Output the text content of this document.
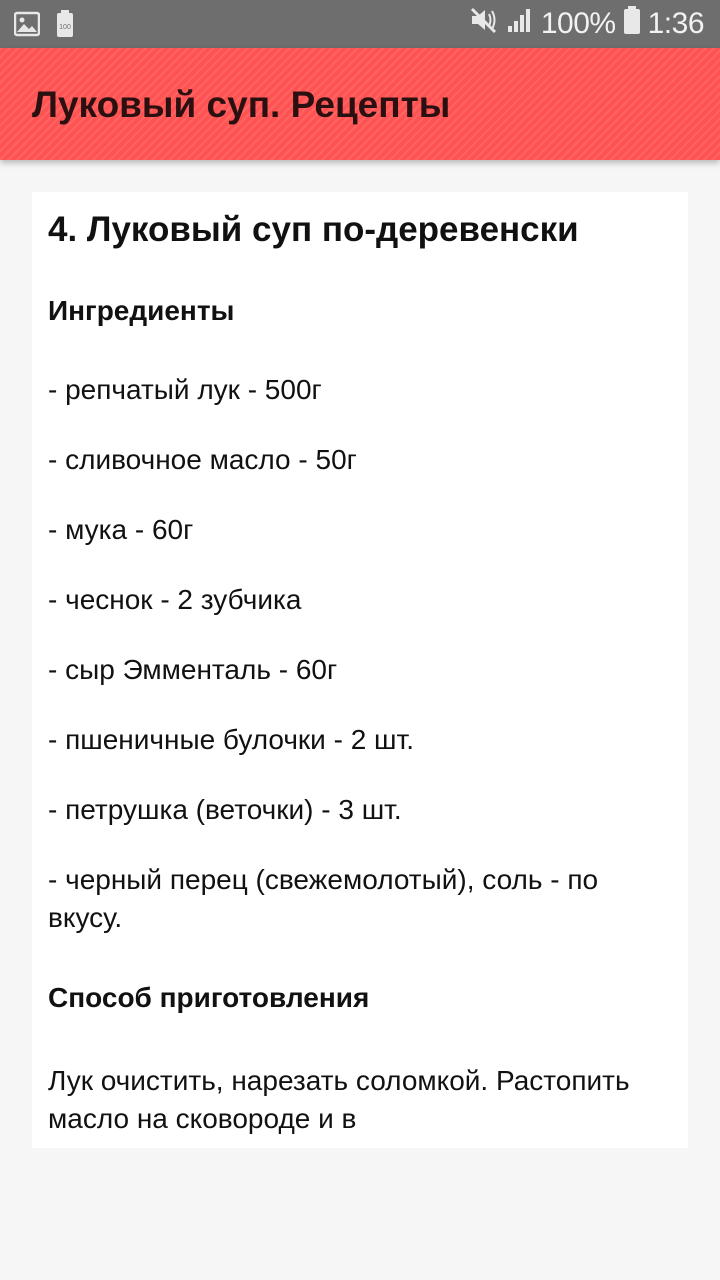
100	100% 1:36
Луковый суп. Рецепты
4. Луковый суп по-деревенски
Ингредиенты
- репчатый лук - 500г
- сливочное масло - 50г
- мука - 60г
- чеснок - 2 зубчика
- сыр Эмменталь - 60г
- пшеничные булочки - 2 шт.
- петрушка (веточки) - 3 шт.
- черный перец (свежемолотый), соль - по вкусу.
Способ приготовления

Лук очистить, нарезать соломкой. Растопить масло на сковороде и в
